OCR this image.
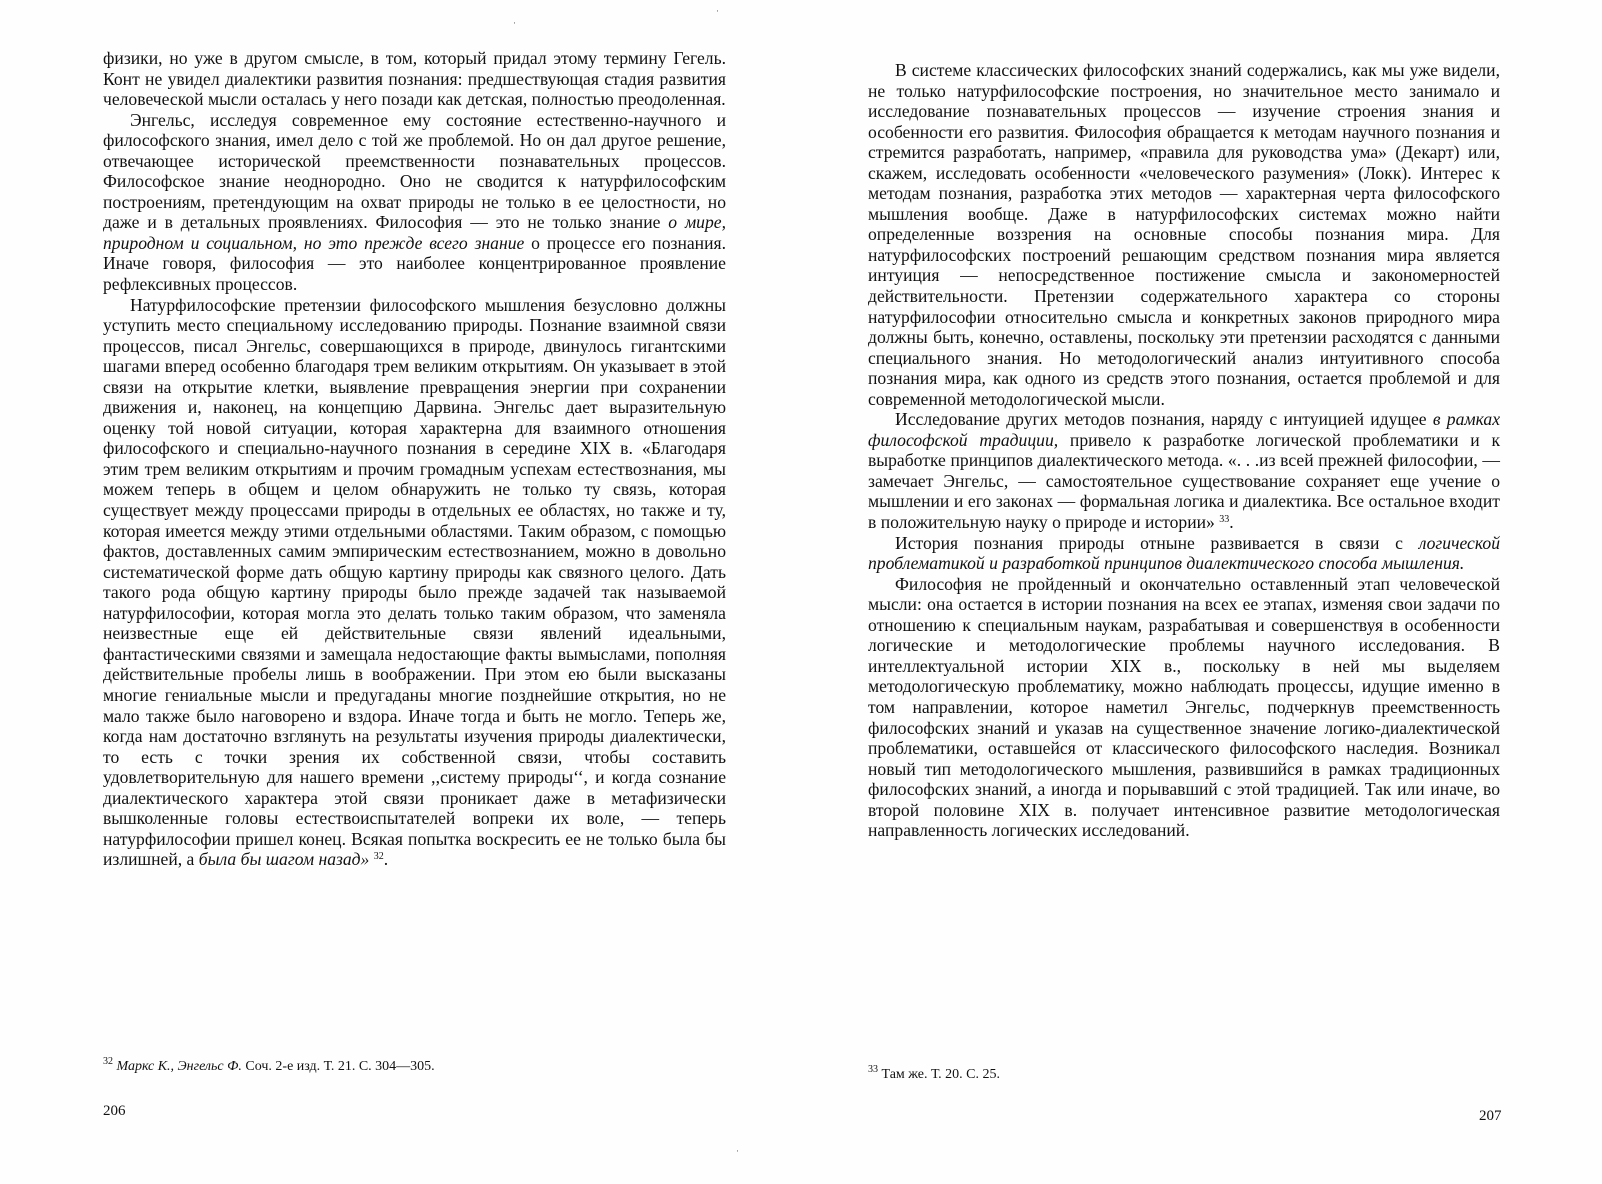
·
·
·

физики, но уже в другом смысле, в том, который придал этому термину Гегель. Конт не увидел диалектики развития познания: предшествующая стадия развития человеческой мысли осталась у него позади как детская, полностью преодоленная.

Энгельс, исследуя современное ему состояние естественно-научного и философского знания, имел дело с той же проблемой. Но он дал другое решение, отвечающее исторической преемственности познавательных процессов. Философское знание неоднородно. Оно не сводится к натурфилософским построениям, претендующим на охват природы не только в ее целостности, но даже и в детальных проявлениях. Философия — это не только знание о мире, природном и социальном, но это прежде всего знание о процессе его познания. Иначе говоря, философия — это наиболее концентрированное проявление рефлексивных процессов.

Натурфилософские претензии философского мышления безусловно должны уступить место специальному исследованию природы. Познание взаимной связи процессов, писал Энгельс, совершающихся в природе, двинулось гигантскими шагами вперед особенно благодаря трем великим открытиям. Он указывает в этой связи на открытие клетки, выявление превращения энергии при сохранении движения и, наконец, на концепцию Дарвина. Энгельс дает выразительную оценку той новой ситуации, которая характерна для взаимного отношения философского и специально-научного познания в середине XIX в. «Благодаря этим трем великим открытиям и прочим громадным успехам естествознания, мы можем теперь в общем и целом обнаружить не только ту связь, которая существует между процессами природы в отдельных ее областях, но также и ту, которая имеется между этими отдельными областями. Таким образом, с помощью фактов, доставленных самим эмпирическим естествознанием, можно в довольно систематической форме дать общую картину природы как связного целого. Дать такого рода общую картину природы было прежде задачей так называемой натурфилософии, которая могла это делать только таким образом, что заменяла неизвестные еще ей действительные связи явлений идеальными, фантастическими связями и замещала недостающие факты вымыслами, пополняя действительные пробелы лишь в воображении. При этом ею были высказаны многие гениальные мысли и предугаданы многие позднейшие открытия, но не мало также было наговорено и вздора. Иначе тогда и быть не могло. Теперь же, когда нам достаточно взглянуть на результаты изучения природы диалектически, то есть с точки зрения их собственной связи, чтобы составить удовлетворительную для нашего времени ,,систему природы‘‘, и когда сознание диалектического характера этой связи проникает даже в метафизически вышколенные головы естествоиспытателей вопреки их воле, — теперь натурфилософии пришел конец. Всякая попытка воскресить ее не только была бы излишней, а была бы шагом назад» $^{32}$.

$^{32}$ Маркс К., Энгельс Ф. Соч. 2-е изд. Т. 21. С. 304—305.
206

В системе классических философских знаний содержались, как мы уже видели, не только натурфилософские построения, но значительное место занимало и исследование познавательных процессов — изучение строения знания и особенности его развития. Философия обращается к методам научного познания и стремится разработать, например, «правила для руководства ума» (Декарт) или, скажем, исследовать особенности «человеческого разумения» (Локк). Интерес к методам познания, разработка этих методов — характерная черта философского мышления вообще. Даже в натурфилософских системах можно найти определенные воззрения на основные способы познания мира. Для натурфилософских построений решающим средством познания мира является интуиция — непосредственное постижение смысла и закономерностей действительности. Претензии содержательного характера со стороны натурфилософии относительно смысла и конкретных законов природного мира должны быть, конечно, оставлены, поскольку эти претензии расходятся с данными специального знания. Но методологический анализ интуитивного способа познания мира, как одного из средств этого познания, остается проблемой и для современной методологической мысли.

Исследование других методов познания, наряду с интуицией идущее в рамках философской традиции, привело к разработке логической проблематики и к выработке принципов диалектического метода. «. . .из всей прежней философии, — замечает Энгельс, — самостоятельное существование сохраняет еще учение о мышлении и его законах — формальная логика и диалектика. Все остальное входит в положительную науку о природе и истории» $^{33}$.

История познания природы отныне развивается в связи с логической проблематикой и разработкой принципов диалектического способа мышления.

Философия не пройденный и окончательно оставленный этап человеческой мысли: она остается в истории познания на всех ее этапах, изменяя свои задачи по отношению к специальным наукам, разрабатывая и совершенствуя в особенности логические и методологические проблемы научного исследования. В интеллектуальной истории XIX в., поскольку в ней мы выделяем методологическую проблематику, можно наблюдать процессы, идущие именно в том направлении, которое наметил Энгельс, подчеркнув преемственность философских знаний и указав на существенное значение логико-диалектической проблематики, оставшейся от классического философского наследия. Возникал новый тип методологического мышления, развившийся в рамках традиционных философских знаний, а иногда и порывавший с этой традицией. Так или иначе, во второй половине XIX в. получает интенсивное развитие методологическая направленность логических исследований.

$^{33}$ Там же. Т. 20. С. 25.
207
